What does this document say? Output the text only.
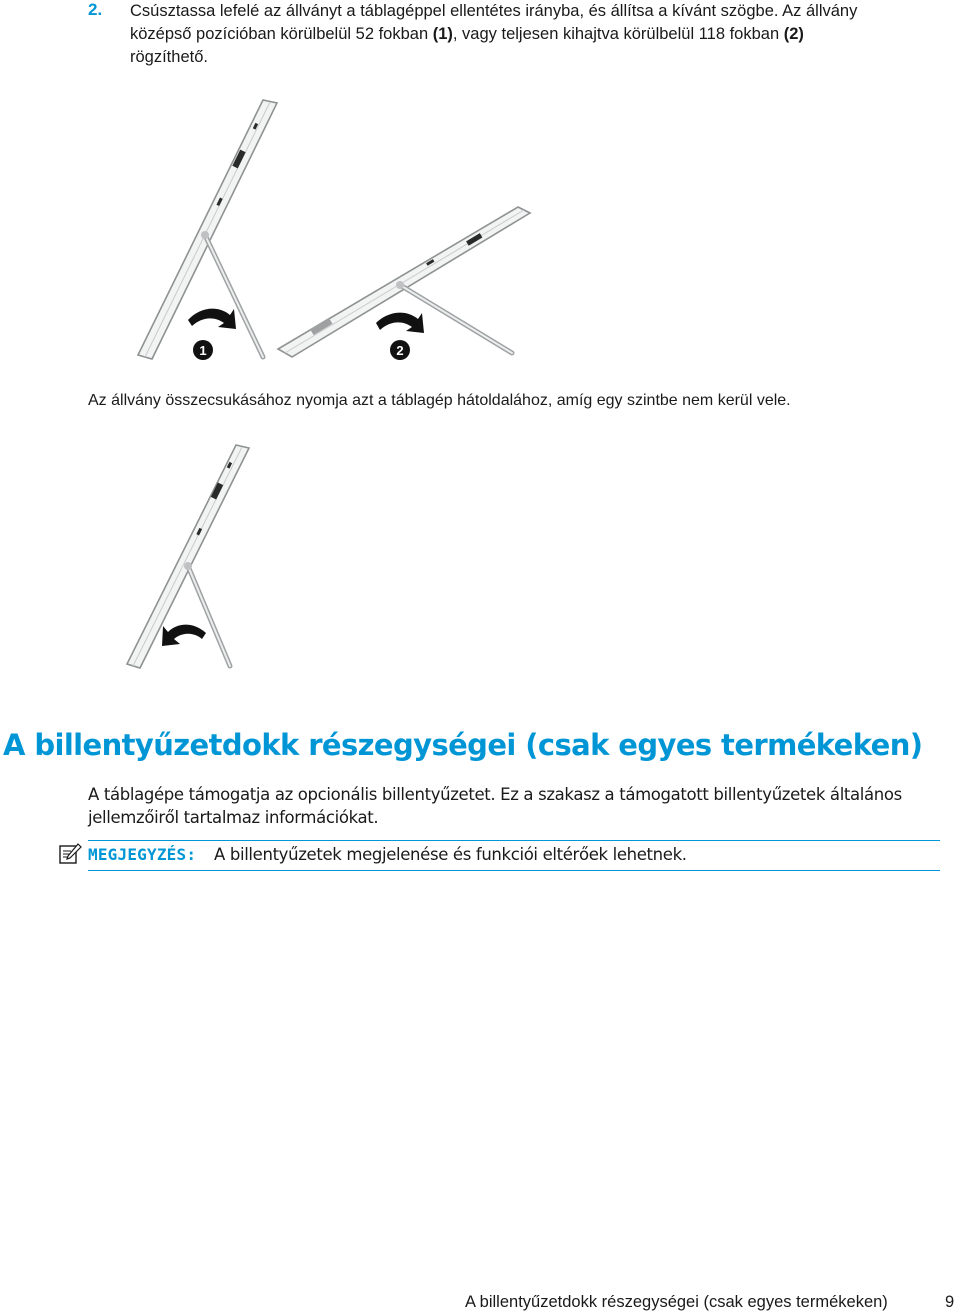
2. Csúsztassa lefelé az állványt a táblagéppel ellentétes irányba, és állítsa a kívánt szögbe. Az állvány
középső pozícióban körülbelül 52 fokban (1), vagy teljesen kihajtva körülbelül 118 fokban (2)
rögzíthető.
1	2
Az állvány összecsukásához nyomja azt a táblagép hátoldalához, amíg egy szintbe nem kerül vele.
A billentyűzetdokk részegységei (csak egyes termékeken)
A táblagépe támogatja az opcionális billentyűzetet. Ez a szakasz a támogatott billentyűzetek általános
jellemzőiről tartalmaz információkat.
MEGJEGYZÉS: A billentyűzetek megjelenése és funkciói eltérőek lehetnek.
A billentyűzetdokk részegységei (csak egyes termékeken)	9
